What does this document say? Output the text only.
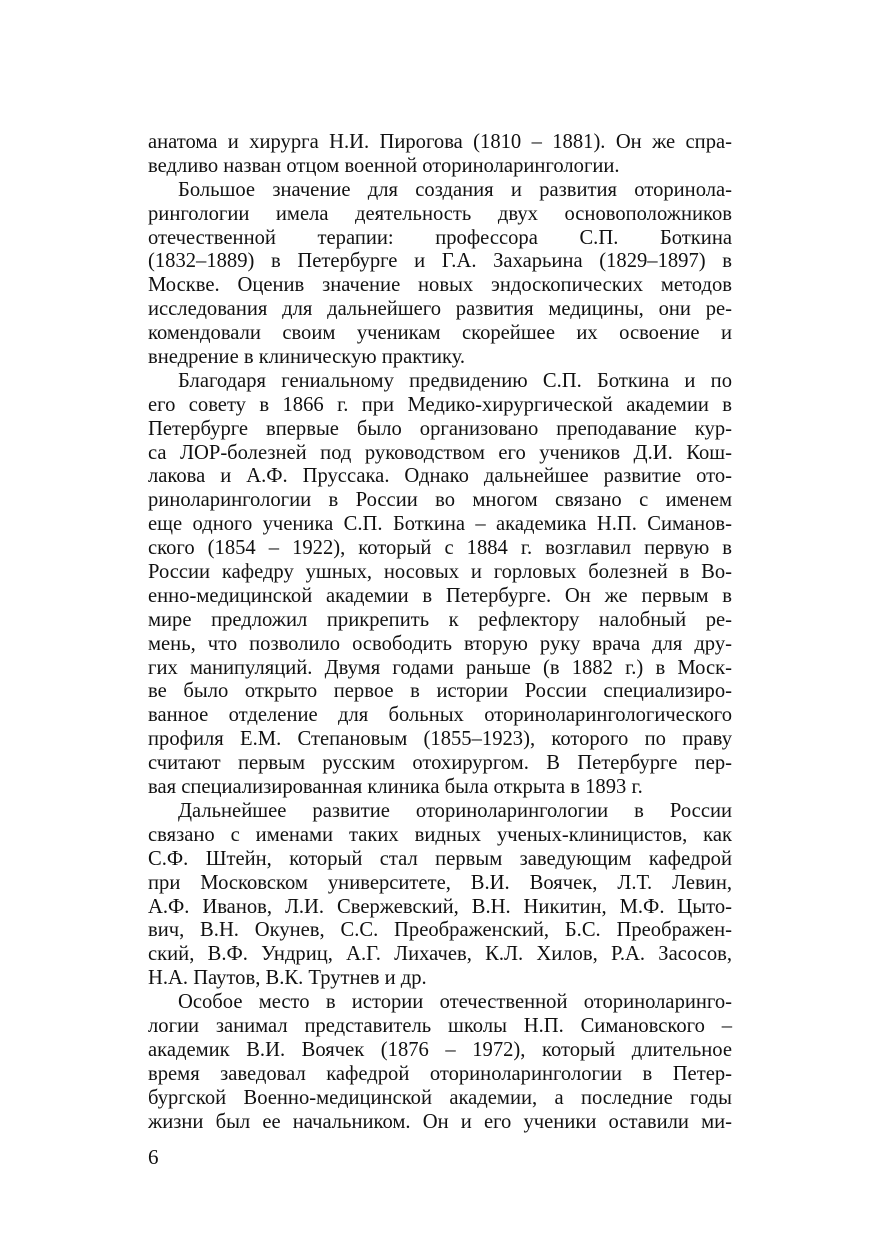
анатома и хирурга Н.И. Пирогова (1810 – 1881). Он же спра-
ведливо назван отцом военной оториноларингологии.

Большое значение для создания и развития оторинола-
рингологии имела деятельность двух основоположников
отечественной терапии: профессора С.П. Боткина
(1832–1889) в Петербурге и Г.А. Захарьина (1829–1897) в
Москве. Оценив значение новых эндоскопических методов
исследования для дальнейшего развития медицины, они ре-
комендовали своим ученикам скорейшее их освоение и
внедрение в клиническую практику.

Благодаря гениальному предвидению С.П. Боткина и по
его совету в 1866 г. при Медико-хирургической академии в
Петербурге впервые было организовано преподавание кур-
са ЛОР-болезней под руководством его учеников Д.И. Кош-
лакова и А.Ф. Пруссака. Однако дальнейшее развитие ото-
риноларингологии в России во многом связано с именем
еще одного ученика С.П. Боткина – академика Н.П. Симанов-
ского (1854 – 1922), который с 1884 г. возглавил первую в
России кафедру ушных, носовых и горловых болезней в Во-
енно-медицинской академии в Петербурге. Он же первым в
мире предложил прикрепить к рефлектору налобный ре-
мень, что позволило освободить вторую руку врача для дру-
гих манипуляций. Двумя годами раньше (в 1882 г.) в Моск-
ве было открыто первое в истории России специализиро-
ванное отделение для больных оториноларингологического
профиля Е.М. Степановым (1855–1923), которого по праву
считают первым русским отохирургом. В Петербурге пер-
вая специализированная клиника была открыта в 1893 г.

Дальнейшее развитие оториноларингологии в России
связано с именами таких видных ученых-клиницистов, как
С.Ф. Штейн, который стал первым заведующим кафедрой
при Московском университете, В.И. Воячек, Л.Т. Левин,
А.Ф. Иванов, Л.И. Свержевский, В.Н. Никитин, М.Ф. Цыто-
вич, В.Н. Окунев, С.С. Преображенский, Б.С. Преображен-
ский, В.Ф. Ундриц, А.Г. Лихачев, К.Л. Хилов, Р.А. Засосов,
Н.А. Паутов, В.К. Трутнев и др.

Особое место в истории отечественной оториноларинго-
логии занимал представитель школы Н.П. Симановского –
академик В.И. Воячек (1876 – 1972), который длительное
время заведовал кафедрой оториноларингологии в Петер-
бургской Военно-медицинской академии, а последние годы
жизни был ее начальником. Он и его ученики оставили ми-

6
